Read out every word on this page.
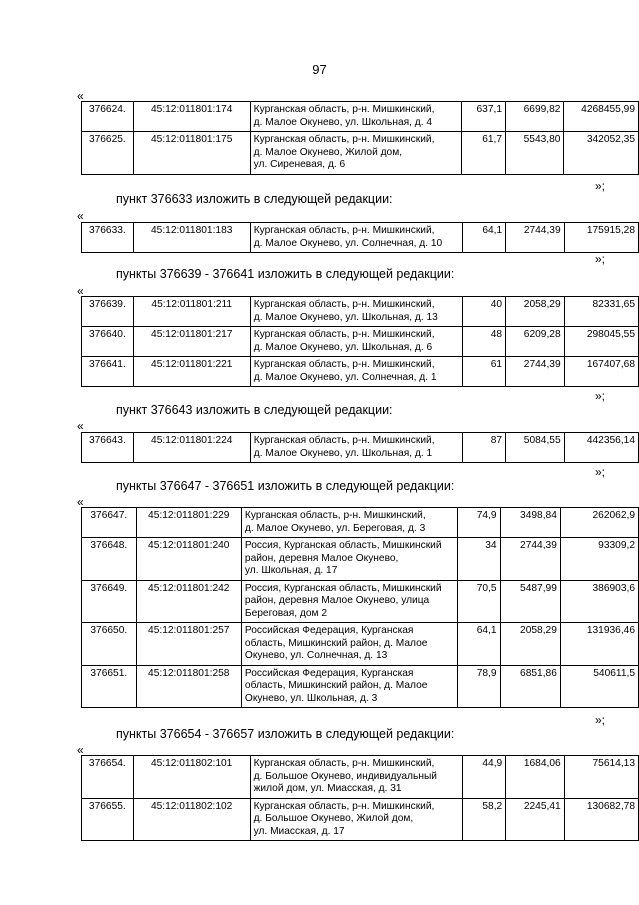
97
«
376624.	45:12:011801:174	Курганская область, р-н. Мишкинский,
д. Малое Окунево, ул. Школьная, д. 4	637,1	6699,82	4268455,99
376625.	45:12:011801:175	Курганская область, р-н. Мишкинский,
д. Малое Окунево, Жилой дом,
ул. Сиреневая, д. 6	61,7	5543,80	342052,35
»;
пункт 376633 изложить в следующей редакции:
«
376633.	45:12:011801:183	Курганская область, р-н. Мишкинский,
д. Малое Окунево, ул. Солнечная, д. 10	64,1	2744,39	175915,28
»;
пункты 376639 - 376641 изложить в следующей редакции:
«
376639.	45:12:011801:211	Курганская область, р-н. Мишкинский,
д. Малое Окунево, ул. Школьная, д. 13	40	2058,29	82331,65
376640.	45:12:011801:217	Курганская область, р-н. Мишкинский,
д. Малое Окунево, ул. Школьная, д. 6	48	6209,28	298045,55
376641.	45:12:011801:221	Курганская область, р-н. Мишкинский,
д. Малое Окунево, ул. Солнечная, д. 1	61	2744,39	167407,68
»;
пункт 376643 изложить в следующей редакции:
«
376643.	45:12:011801:224	Курганская область, р-н. Мишкинский,
д. Малое Окунево, ул. Школьная, д. 1	87	5084,55	442356,14
»;
пункты 376647 - 376651 изложить в следующей редакции:
«
376647.	45:12:011801:229	Курганская область, р-н. Мишкинский,
д. Малое Окунево, ул. Береговая, д. 3	74,9	3498,84	262062,9
376648.	45:12:011801:240	Россия, Курганская область, Мишкинский
район, деревня Малое Окунево,
ул. Школьная, д. 17	34	2744,39	93309,2
376649.	45:12:011801:242	Россия, Курганская область, Мишкинский
район, деревня Малое Окунево, улица
Береговая, дом 2	70,5	5487,99	386903,6
376650.	45:12:011801:257	Российская Федерация, Курганская
область, Мишкинский район, д. Малое
Окунево, ул. Солнечная, д. 13	64,1	2058,29	131936,46
376651.	45:12:011801:258	Российская Федерация, Курганская
область, Мишкинский район, д. Малое
Окунево, ул. Школьная, д. 3	78,9	6851,86	540611,5
»;
пункты 376654 - 376657 изложить в следующей редакции:
«
376654.	45:12:011802:101	Курганская область, р-н. Мишкинский,
д. Большое Окунево, индивидуальный
жилой дом, ул. Миасская, д. 31	44,9	1684,06	75614,13
376655.	45:12:011802:102	Курганская область, р-н. Мишкинский,
д. Большое Окунево, Жилой дом,
ул. Миасская, д. 17	58,2	2245,41	130682,78
